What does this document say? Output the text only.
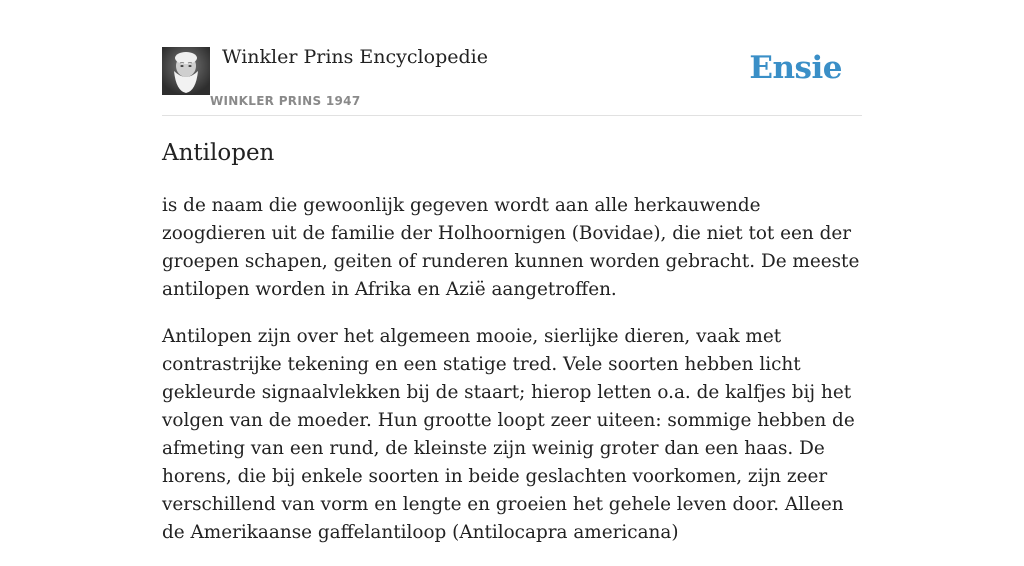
Winkler Prins Encyclopedie
WINKLER PRINS 1947
Ensie
Antilopen

is de naam die gewoonlijk gegeven wordt aan alle herkauwende zoogdieren uit de familie der Holhoornigen (Bovidae), die niet tot een der groepen schapen, geiten of runderen kunnen worden gebracht. De meeste antilopen worden in Afrika en Azië aangetroffen.

Antilopen zijn over het algemeen mooie, sierlijke dieren, vaak met contrastrijke tekening en een statige tred. Vele soorten hebben licht gekleurde signaalvlekken bij de staart; hierop letten o.a. de kalfjes bij het volgen van de moeder. Hun grootte loopt zeer uiteen: sommige hebben de afmeting van een rund, de kleinste zijn weinig groter dan een haas. De horens, die bij enkele soorten in beide geslachten voorkomen, zijn zeer verschillend van vorm en lengte en groeien het gehele leven door. Alleen de Amerikaanse gaffelantiloop (Antilocapra americana)
